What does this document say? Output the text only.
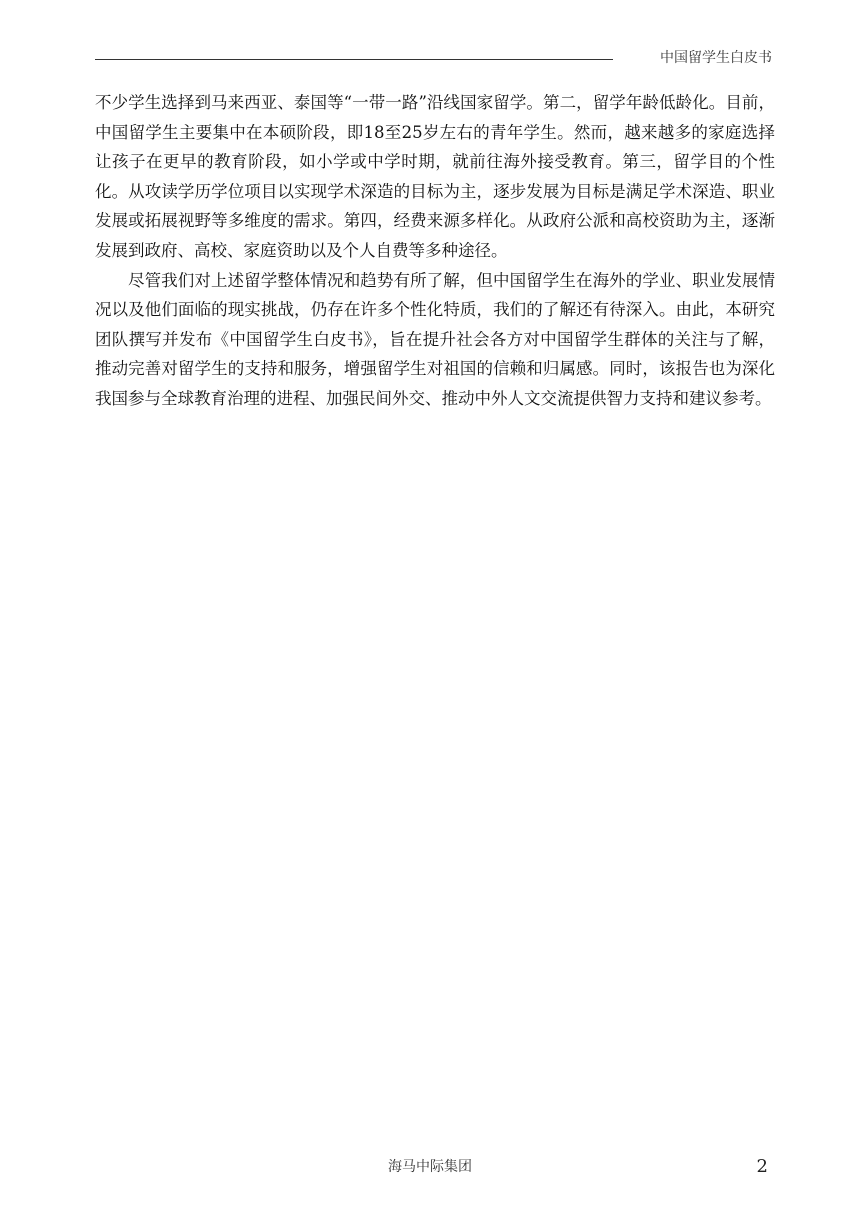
中国留学生白皮书

不少学生选择到马来西亚、泰国等“一带一路”沿线国家留学。第二，留学年龄低龄化。目前，中国留学生主要集中在本硕阶段，即18至25岁左右的青年学生。然而，越来越多的家庭选择让孩子在更早的教育阶段，如小学或中学时期，就前往海外接受教育。第三，留学目的个性化。从攻读学历学位项目以实现学术深造的目标为主，逐步发展为目标是满足学术深造、职业发展或拓展视野等多维度的需求。第四，经费来源多样化。从政府公派和高校资助为主，逐渐发展到政府、高校、家庭资助以及个人自费等多种途径。

尽管我们对上述留学整体情况和趋势有所了解，但中国留学生在海外的学业、职业发展情况以及他们面临的现实挑战，仍存在许多个性化特质，我们的了解还有待深入。由此，本研究团队撰写并发布《中国留学生白皮书》，旨在提升社会各方对中国留学生群体的关注与了解，推动完善对留学生的支持和服务，增强留学生对祖国的信赖和归属感。同时，该报告也为深化我国参与全球教育治理的进程、加强民间外交、推动中外人文交流提供智力支持和建议参考。

海马中际集团	2
